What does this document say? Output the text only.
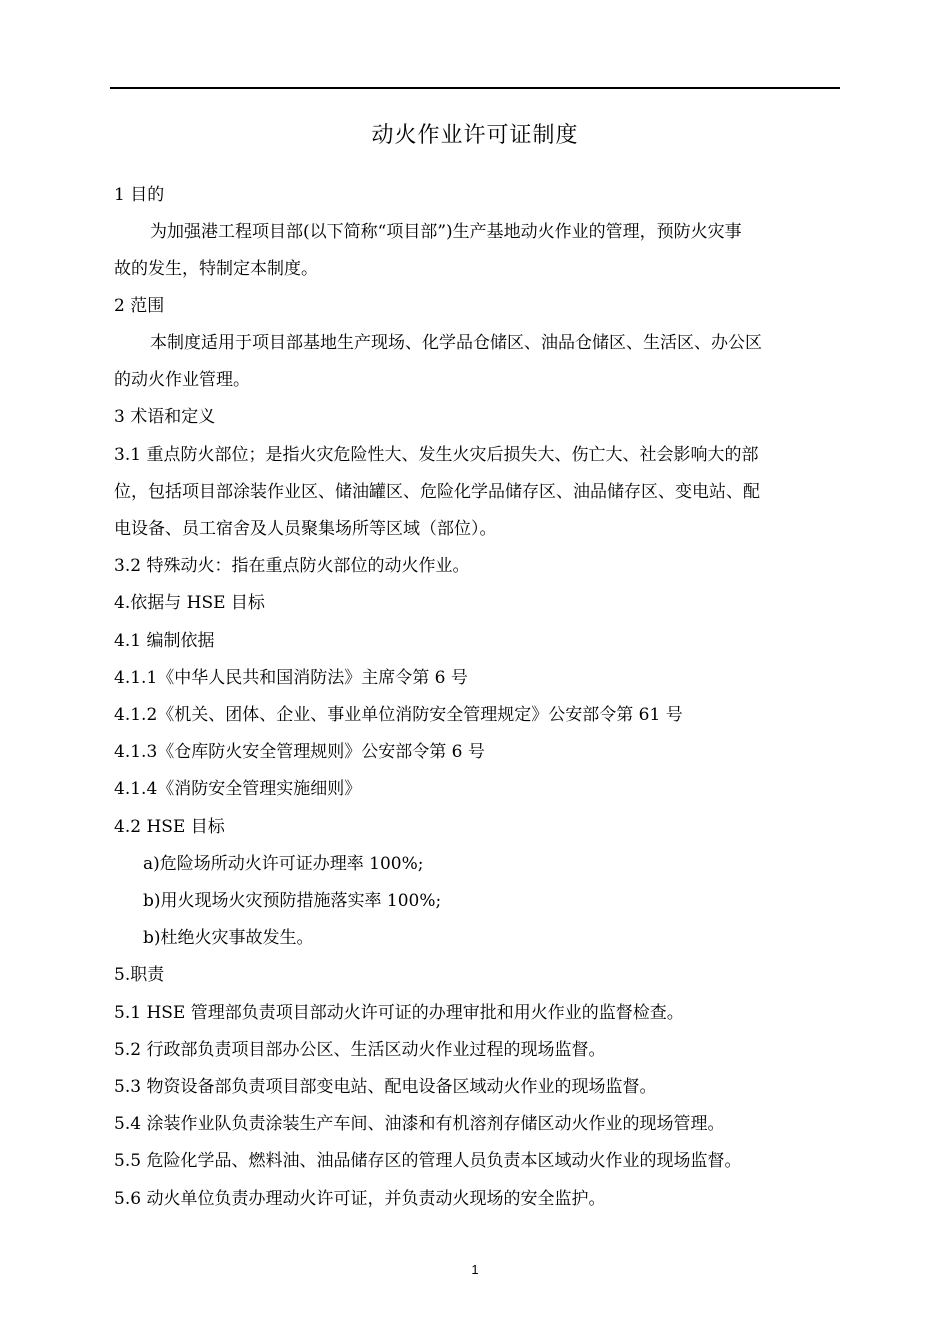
动火作业许可证制度
1 目的
为加强港工程项目部(以下简称“项目部”)生产基地动火作业的管理，预防火灾事
故的发生，特制定本制度。
2 范围
本制度适用于项目部基地生产现场、化学品仓储区、油品仓储区、生活区、办公区
的动火作业管理。
3 术语和定义
3.1 重点防火部位；是指火灾危险性大、发生火灾后损失大、伤亡大、社会影响大的部
位，包括项目部涂装作业区、储油罐区、危险化学品储存区、油品储存区、变电站、配
电设备、员工宿舍及人员聚集场所等区域（部位）。
3.2 特殊动火：指在重点防火部位的动火作业。
4.依据与 HSE 目标
4.1 编制依据
4.1.1《中华人民共和国消防法》主席令第 6 号
4.1.2《机关、团体、企业、事业单位消防安全管理规定》公安部令第 61 号
4.1.3《仓库防火安全管理规则》公安部令第 6 号
4.1.4《消防安全管理实施细则》
4.2 HSE 目标
a)危险场所动火许可证办理率 100%;
b)用火现场火灾预防措施落实率 100%;
b)杜绝火灾事故发生。
5.职责
5.1 HSE 管理部负责项目部动火许可证的办理审批和用火作业的监督检查。
5.2 行政部负责项目部办公区、生活区动火作业过程的现场监督。
5.3 物资设备部负责项目部变电站、配电设备区域动火作业的现场监督。
5.4 涂装作业队负责涂装生产车间、油漆和有机溶剂存储区动火作业的现场管理。
5.5 危险化学品、燃料油、油品储存区的管理人员负责本区域动火作业的现场监督。
5.6 动火单位负责办理动火许可证，并负责动火现场的安全监护。
1
